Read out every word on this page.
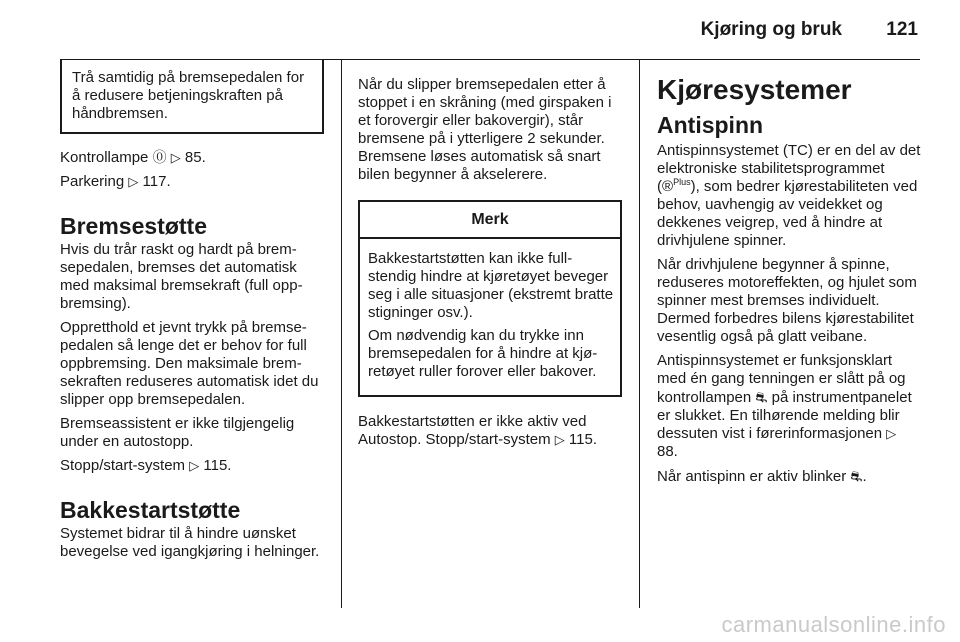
Kjøring og bruk 121

Trå samtidig på bremsepedalen for å redusere betjeningskraften på håndbremsen.

Kontrollampe ⓪ ▷ 85.

Parkering ▷ 117.

Bremsestøtte

Hvis du trår raskt og hardt på bremsepedalen, bremses det automatisk med maksimal bremsekraft (full oppbremsing).

Oppretthold et jevnt trykk på bremsepedalen så lenge det er behov for full oppbremsing. Den maksimale bremsekraften reduseres automatisk idet du slipper opp bremsepedalen.

Bremseassistent er ikke tilgjengelig under en autostopp.

Stopp/start-system ▷ 115.

Bakkestartstøtte

Systemet bidrar til å hindre uønsket bevegelse ved igangkjøring i helninger.

Når du slipper bremsepedalen etter å stoppet i en skråning (med girspaken i et forovergir eller bakovergir), står bremsene på i ytterligere 2 sekunder. Bremsene løses automatisk så snart bilen begynner å akselerere.

Merk

Bakkestartstøtten kan ikke fullstendig hindre at kjøretøyet beveger seg i alle situasjoner (ekstremt bratte stigninger osv.).

Om nødvendig kan du trykke inn bremsepedalen for å hindre at kjøretøyet ruller forover eller bakover.

Bakkestartstøtten er ikke aktiv ved Autostop. Stopp/start-system ▷ 115.

Kjøresystemer
Antispinn

Antispinnsystemet (TC) er en del av det elektroniske stabilitetsprogrammet (®$^{Plus}$), som bedrer kjørestabiliteten ved behov, uavhengig av veidekket og dekkenes veigrep, ved å hindre at drivhjulene spinner.

Når drivhjulene begynner å spinne, reduseres motoreffekten, og hjulet som spinner mest bremses individuelt. Dermed forbedres bilens kjørestabilitet vesentlig også på glatt veibane.

Antispinnsystemet er funksjonsklart med én gang tenningen er slått på og kontrollampen ⛐ på instrumentpanelet er slukket. En tilhørende melding blir dessuten vist i førerinformasjonen ▷ 88.

Når antispinn er aktiv blinker ⛐.

carmanualsonline.info
